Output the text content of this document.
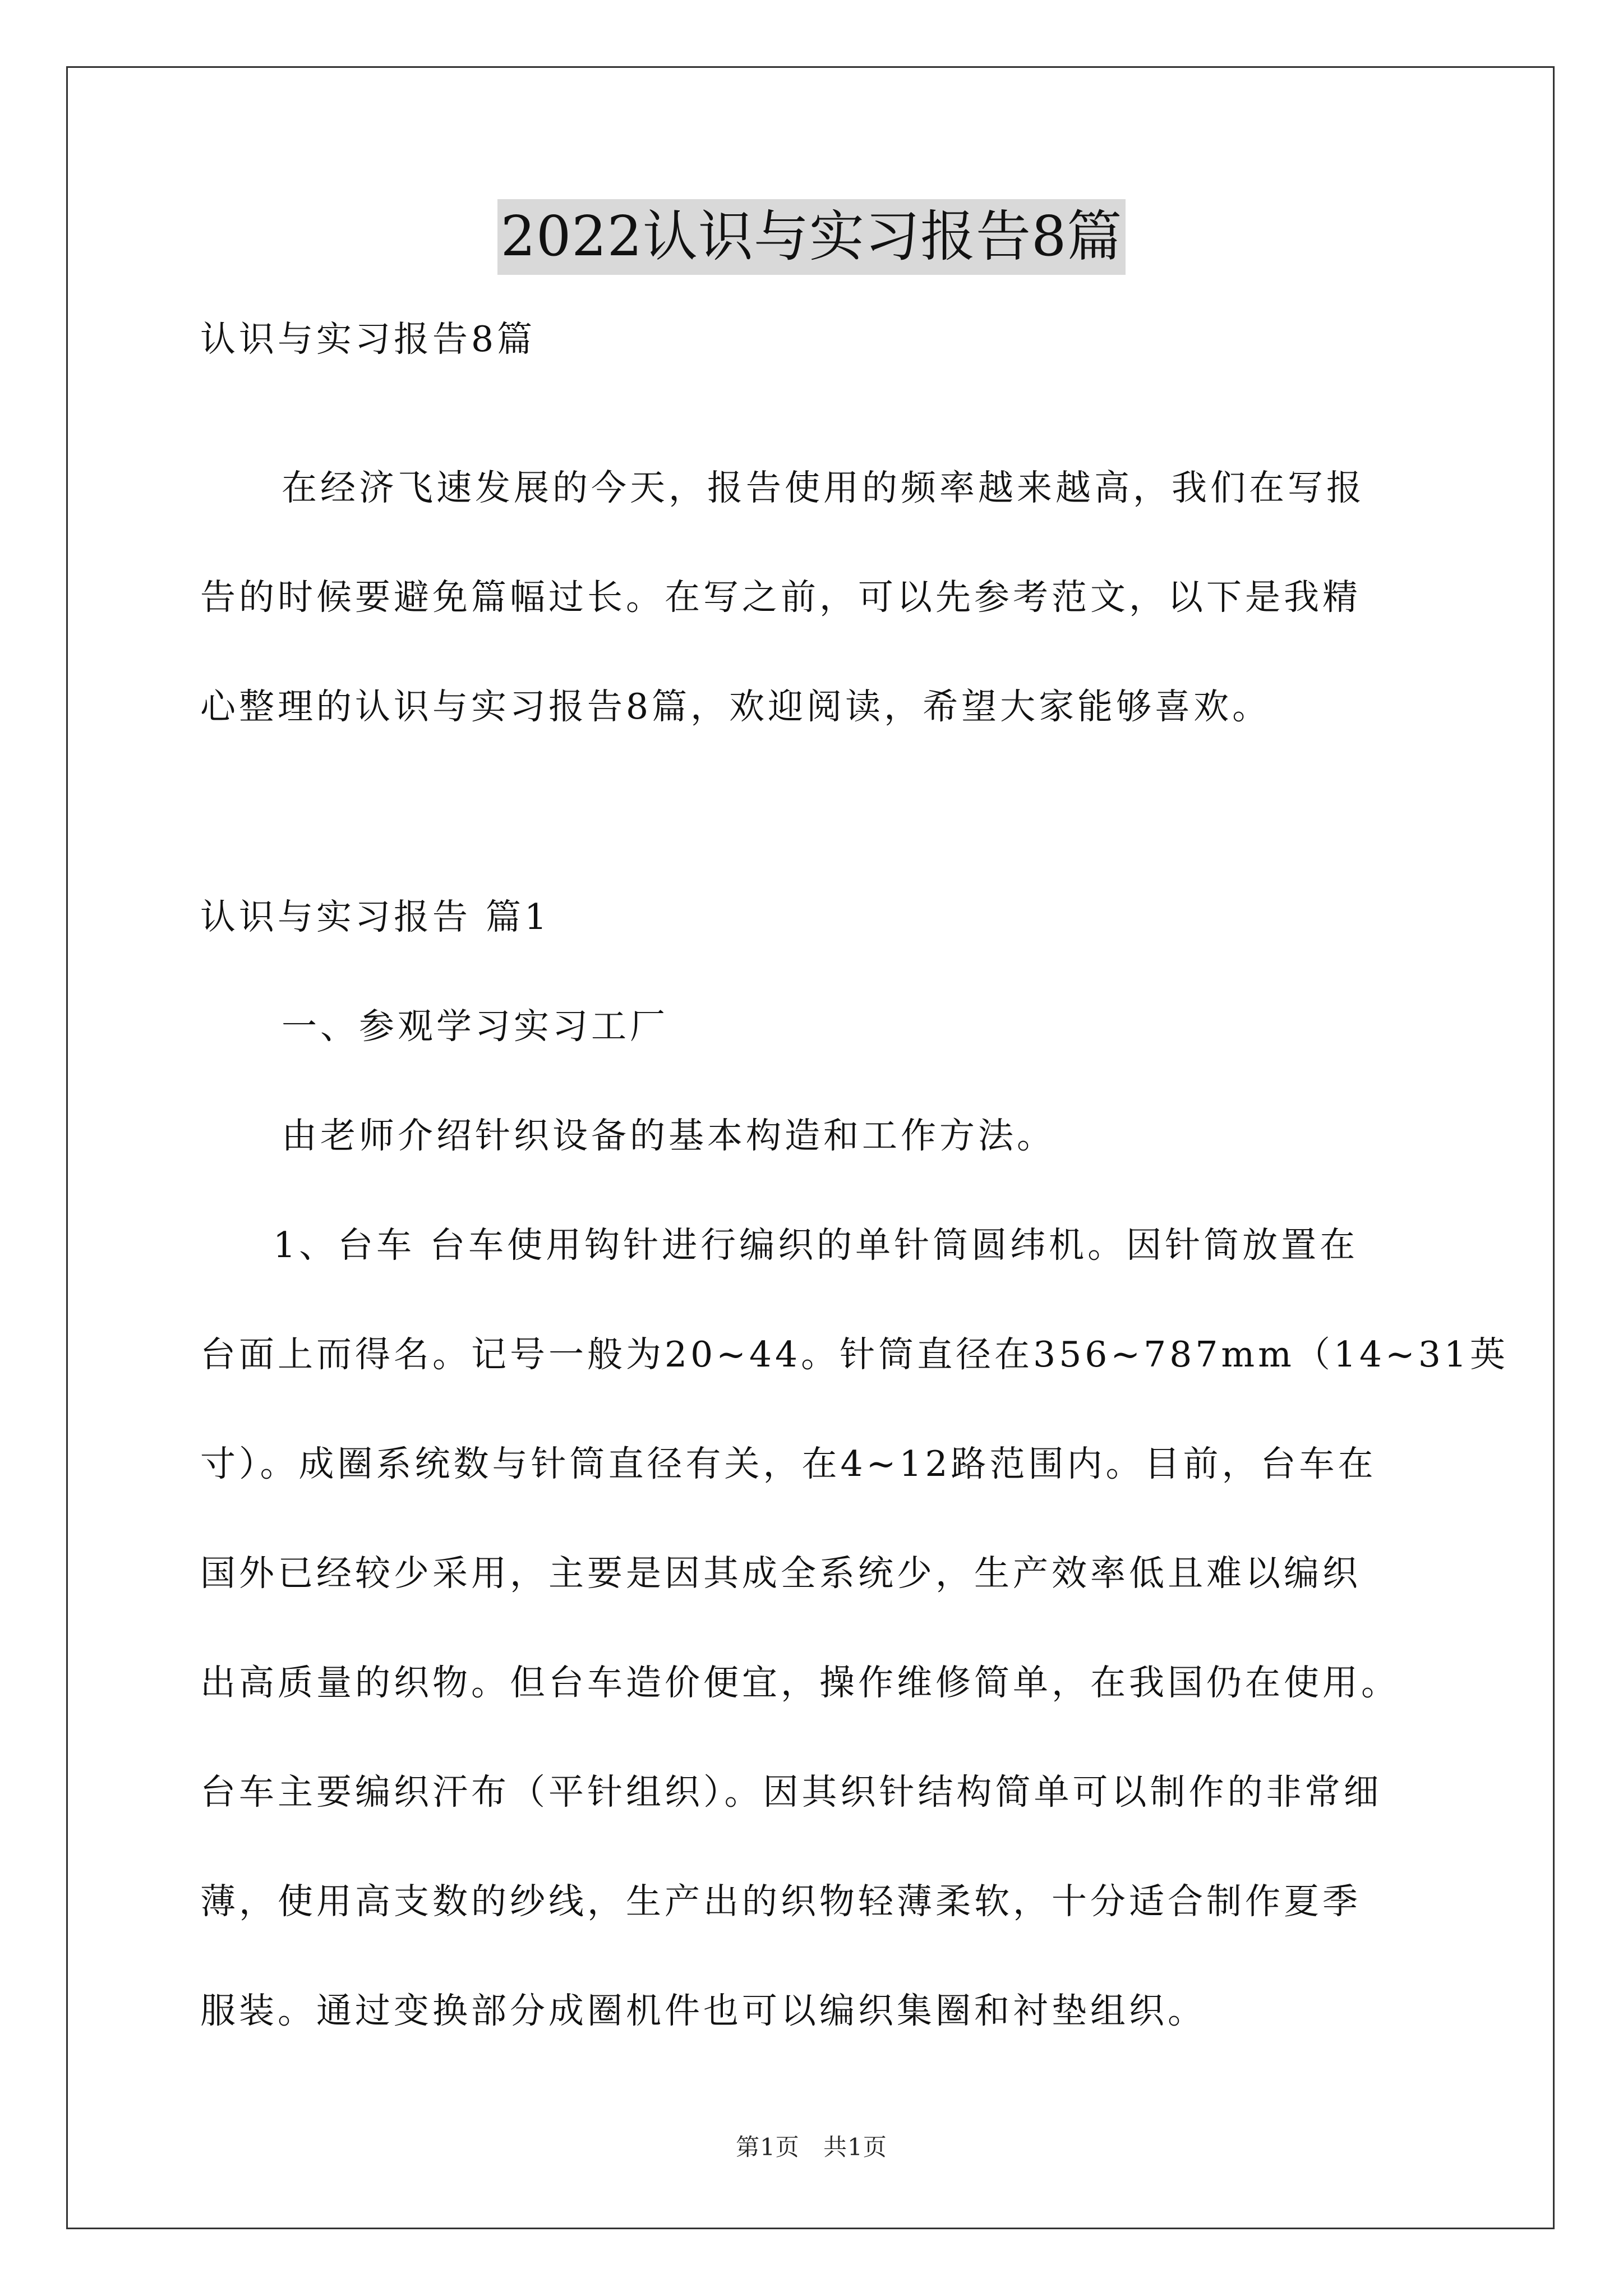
2022认识与实习报告8篇
认识与实习报告8篇
在经济飞速发展的今天，报告使用的频率越来越高，我们在写报
告的时候要避免篇幅过长。在写之前，可以先参考范文，以下是我精
心整理的认识与实习报告8篇，欢迎阅读，希望大家能够喜欢。
认识与实习报告 篇1
一、参观学习实习工厂
由老师介绍针织设备的基本构造和工作方法。
1、台车 台车使用钩针进行编织的单针筒圆纬机。因针筒放置在
台面上而得名。记号一般为20~44。针筒直径在356~787mm（14~31英
寸）。成圈系统数与针筒直径有关，在4~12路范围内。目前，台车在
国外已经较少采用，主要是因其成全系统少，生产效率低且难以编织
出高质量的织物。但台车造价便宜，操作维修简单，在我国仍在使用。
台车主要编织汗布（平针组织）。因其织针结构简单可以制作的非常细
薄，使用高支数的纱线，生产出的织物轻薄柔软，十分适合制作夏季
服装。通过变换部分成圈机件也可以编织集圈和衬垫组织。
第1页 共1页
